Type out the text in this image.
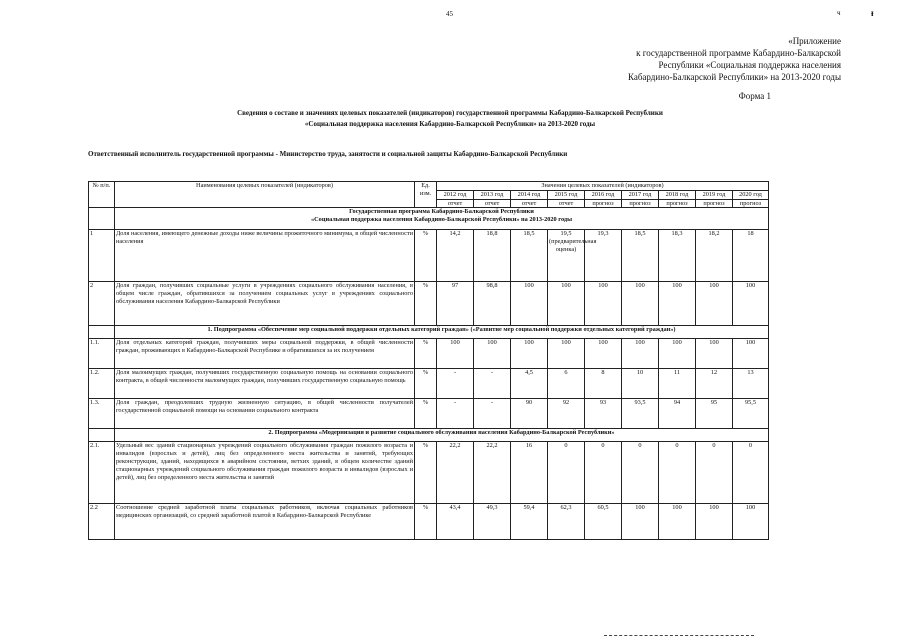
45	ч	ᵻ
«Приложение
к государственной программе Кабардино-Балкарской
Республики «Социальная поддержка населения
Кабардино-Балкарской Республики» на 2013-2020 годы
Форма 1
Сведения о составе и значениях целевых показателей (индикаторов) государственной программы Кабардино-Балкарской Республики
«Социальная поддержка населения Кабардино-Балкарской Республики» на 2013-2020 годы
Ответственный исполнитель государственной программы - Министерство труда, занятости и социальной защиты Кабардино-Балкарской Республики
№ п/п.	Наименования целевых показателей (индикаторов)	Ед. изм.	Значения целевых показателей (индикаторов)								
			2012 год	2013 год	2014 год	2015 год	2016 год	2017 год	2018 год	2019 год	2020 год
			отчет	отчет	отчет	отчет	прогноз	прогноз	прогноз	прогноз	прогноз

	Государственная программа Кабардино-Балкарской Республики
«Социальная поддержка населения Кабардино-Балкарской Республики» на 2013-2020 годы										

1	Доля населения, имеющего денежные доходы ниже величины прожиточного минимума, в общей численности населения	%	14,2	18,8	18,5	19,5 (предварительная оценка)	19,3	18,5	18,3	18,2	18
2	Доля граждан, получивших социальные услуги в учреждениях социального обслуживания населения, в общем числе граждан, обратившихся за получением социальных услуг в учреждениях социального обслуживания населения Кабардино-Балкарской Республики	%	97	98,8	100	100	100	100	100	100	100
	1. Подпрограмма «Обеспечение мер социальной поддержки отдельных категорий граждан» («Развитие мер социальной поддержки отдельных категорий граждан»)										
1.1.	Доля отдельных категорий граждан, получивших меры социальной поддержки, в общей численности граждан, проживающих в Кабардино-Балкарской Республике и обратившихся за их получением	%	100	100	100	100	100	100	100	100	100
1.2.	Доля малоимущих граждан, получивших государственную социальную помощь на основании социального контракта, в общей численности малоимущих граждан, получивших государственную социальную помощь	%	-	-	4,5	6	8	10	11	12	13
1.3.	Доля граждан, преодолевших трудную жизненную ситуацию, в общей численности получателей государственной социальной помощи на основании социального контракта	%	-	-	90	92	93	93,5	94	95	95,5
	2. Подпрограмма «Модернизация и развитие социального обслуживания населения Кабардино-Балкарской Республики»										
2.1.	Удельный вес зданий стационарных учреждений социального обслуживания граждан пожилого возраста и инвалидов (взрослых и детей), лиц без определенного места жительства и занятий, требующих реконструкции, зданий, находящихся в аварийном состоянии, ветхих зданий, в общем количестве зданий стационарных учреждений социального обслуживания граждан пожилого возраста и инвалидов (взрослых и детей), лиц без определенного места жительства и занятий	%	22,2	22,2	16	0	0	0	0	0	0
2.2	Соотношение средней заработной платы социальных работников, включая социальных работников медицинских организаций, со средней заработной платой в Кабардино-Балкарской Республике	%	43,4	49,3	59,4	62,3	60,5	100	100	100	100
